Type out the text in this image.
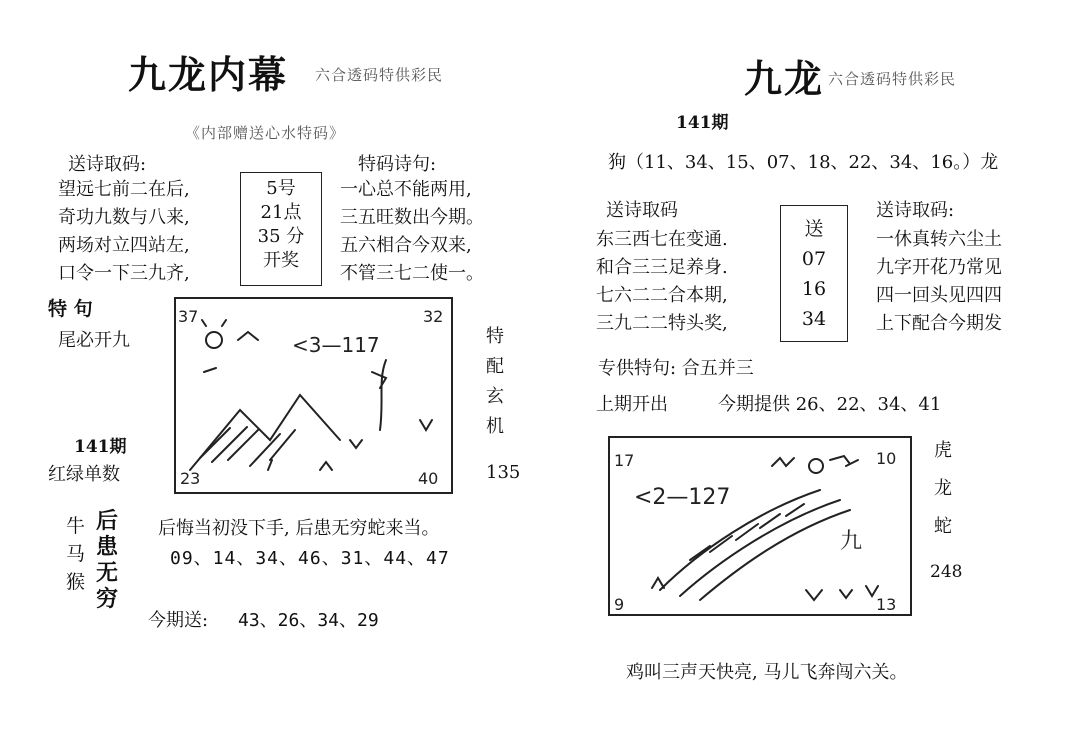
九龙内幕 六合透码特供彩民
《内部赠送心水特码》
送诗取码:	特码诗句:
望远七前二在后,
奇功九数与八来,
两场对立四站左,
口令一下三九齐,
5号
21点
35 分
开奖
一心总不能两用,
三五旺数出今期。
五六相合今双来,
不管三七二使一。
特 句
尾必开九
141期
红绿单数
37	32
23	40
<3—117	特配玄机
135
牛
马
猴
后患
无穷
后悔当初没下手, 后患无穷蛇来当。
09、14、34、46、31、44、47
今期送: 43、26、34、29
九龙 六合透码特供彩民
141期
狗（11、34、15、07、18、22、34、16。）龙
送诗取码	送诗取码:
东三西七在变通.
和合三三足养身.
七六二二合本期,
三九二二特头奖,
送
07
16
34
一休真转六尘土
九字开花乃常见
四一回头见四四
上下配合今期发
专供特句: 合五并三
上期开出	今期提供 26、22、34、41
17	10
9	13
<2—127
九
虎
龙
蛇
248
鸡叫三声天快亮, 马儿飞奔闯六关。
